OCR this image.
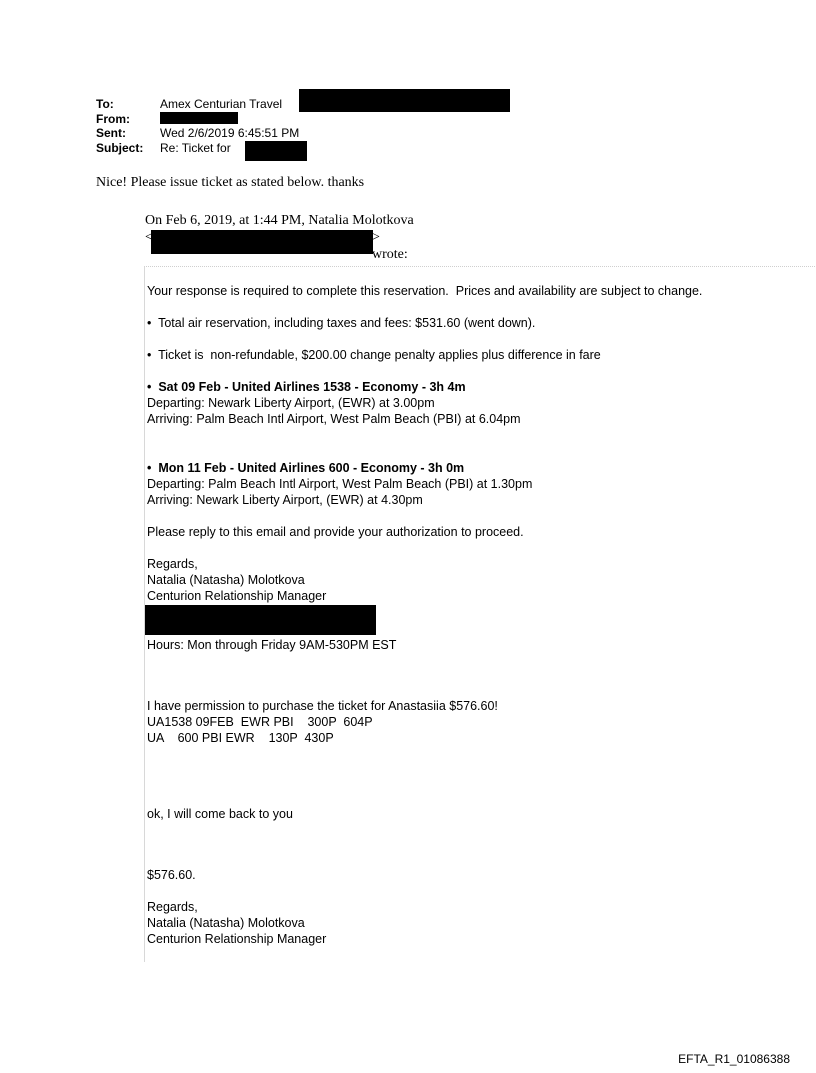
To:	Amex Centurian Travel
From:
Sent:	Wed 2/6/2019 6:45:51 PM
Subject:	Re: Ticket for
Nice! Please issue ticket as stated below. thanks
On Feb 6, 2019, at 1:44 PM, Natalia Molotkova
<	> wrote:
Your response is required to complete this reservation.  Prices and availability are subject to change.
•  Total air reservation, including taxes and fees: $531.60 (went down).
•  Ticket is  non-refundable, $200.00 change penalty applies plus difference in fare
•  Sat 09 Feb - United Airlines 1538 - Economy - 3h 4m
Departing: Newark Liberty Airport, (EWR) at 3.00pm
Arriving: Palm Beach Intl Airport, West Palm Beach (PBI) at 6.04pm
•  Mon 11 Feb - United Airlines 600 - Economy - 3h 0m
Departing: Palm Beach Intl Airport, West Palm Beach (PBI) at 1.30pm
Arriving: Newark Liberty Airport, (EWR) at 4.30pm
Please reply to this email and provide your authorization to proceed.
Regards,
Natalia (Natasha) Molotkova
Centurion Relationship Manager
Hours: Mon through Friday 9AM-530PM EST
I have permission to purchase the ticket for Anastasiia $576.60!
UA1538 09FEB  EWR PBI    300P  604P
UA    600 PBI EWR    130P  430P
ok, I will come back to you
$576.60.
Regards,
Natalia (Natasha) Molotkova
Centurion Relationship Manager
EFTA_R1_01086388
